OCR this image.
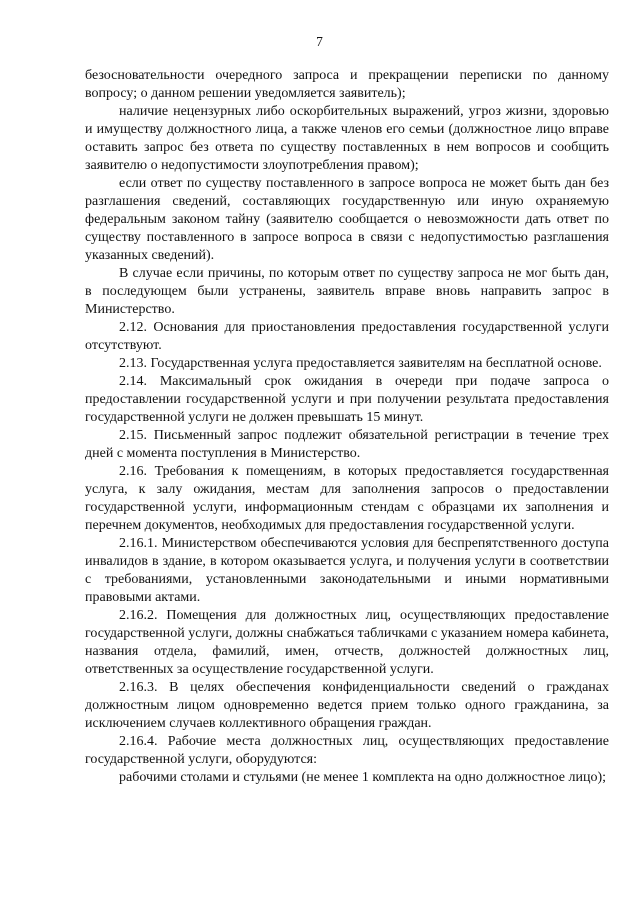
7

безосновательности очередного запроса и прекращении переписки по данному вопросу; о данном решении уведомляется заявитель);

наличие нецензурных либо оскорбительных выражений, угроз жизни, здоровью и имуществу должностного лица, а также членов его семьи (должностное лицо вправе оставить запрос без ответа по существу поставленных в нем вопросов и сообщить заявителю о недопустимости злоупотребления правом);

если ответ по существу поставленного в запросе вопроса не может быть дан без разглашения сведений, составляющих государственную или иную охраняемую федеральным законом тайну (заявителю сообщается о невозможности дать ответ по существу поставленного в запросе вопроса в связи с недопустимостью разглашения указанных сведений).

В случае если причины, по которым ответ по существу запроса не мог быть дан, в последующем были устранены, заявитель вправе вновь направить запрос в Министерство.

2.12. Основания для приостановления предоставления государственной услуги отсутствуют.

2.13. Государственная услуга предоставляется заявителям на бесплатной основе.

2.14. Максимальный срок ожидания в очереди при подаче запроса о предоставлении государственной услуги и при получении результата предоставления государственной услуги не должен превышать 15 минут.

2.15. Письменный запрос подлежит обязательной регистрации в течение трех дней с момента поступления в Министерство.

2.16. Требования к помещениям, в которых предоставляется государственная услуга, к залу ожидания, местам для заполнения запросов о предоставлении государственной услуги, информационным стендам с образцами их заполнения и перечнем документов, необходимых для предоставления государственной услуги.

2.16.1. Министерством обеспечиваются условия для беспрепятственного доступа инвалидов в здание, в котором оказывается услуга, и получения услуги в соответствии с требованиями, установленными законодательными и иными нормативными правовыми актами.

2.16.2. Помещения для должностных лиц, осуществляющих предоставление государственной услуги, должны снабжаться табличками с указанием номера кабинета, названия отдела, фамилий, имен, отчеств, должностей должностных лиц, ответственных за осуществление государственной услуги.

2.16.3. В целях обеспечения конфиденциальности сведений о гражданах должностным лицом одновременно ведется прием только одного гражданина, за исключением случаев коллективного обращения граждан.

2.16.4. Рабочие места должностных лиц, осуществляющих предоставление государственной услуги, оборудуются:

рабочими столами и стульями (не менее 1 комплекта на одно должностное лицо);
